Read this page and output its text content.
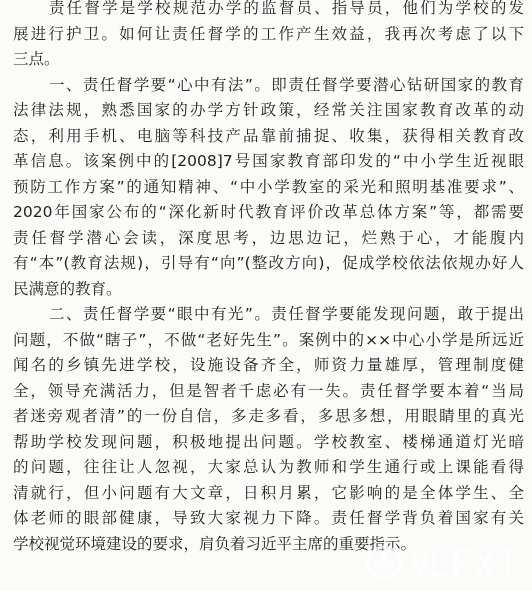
责任督学是学校规范办学的监督员、指导员，他们为学校的发
展进行护卫。如何让责任督学的工作产生效益，我再次考虑了以下
三点。
一、责任督学要“心中有法”。即责任督学要潜心钻研国家的教育
法律法规，熟悉国家的办学方针政策，经常关注国家教育改革的动
态，利用手机、电脑等科技产品靠前捕捉、收集，获得相关教育改
革信息。该案例中的[2008]7号国家教育部印发的“中小学生近视眼
预防工作方案”的通知精神、“中小学教室的采光和照明基准要求”、
2020年国家公布的“深化新时代教育评价改革总体方案”等，都需要
责任督学潜心会读，深度思考，边思边记，烂熟于心，才能腹内
有“本”(教育法规)，引导有“向”(整改方向)，促成学校依法依规办好人
民满意的教育。
二、责任督学要“眼中有光”。责任督学要能发现问题，敢于提出
问题，不做“瞎子”，不做“老好先生”。案例中的××中心小学是所远近
闻名的乡镇先进学校，设施设备齐全，师资力量雄厚，管理制度健
全，领导充满活力，但是智者千虑必有一失。责任督学要本着“当局
者迷旁观者清”的一份自信，多走多看，多思多想，用眼睛里的真光
帮助学校发现问题，积极地提出问题。学校教室、楼梯通道灯光暗
的问题，往往让人忽视，大家总认为教师和学生通行或上课能看得
清就行，但小问题有大文章，日积月累，它影响的是全体学生、全
体老师的眼部健康，导致大家视力下降。责任督学背负着国家有关
学校视觉环境建设的要求，肩负着习近平主席的重要指示。
